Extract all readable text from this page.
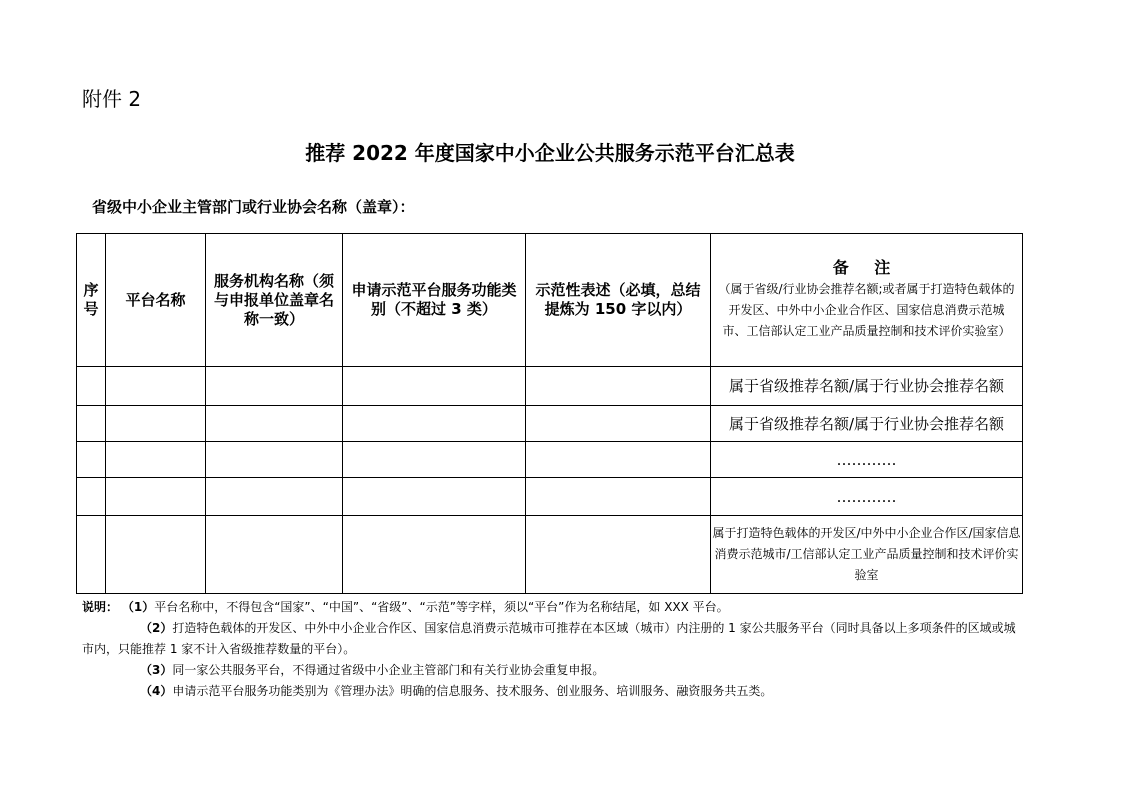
附件 2
推荐 2022 年度国家中小企业公共服务示范平台汇总表
省级中小企业主管部门或行业协会名称（盖章）：
序号	平台名称	服务机构名称（须与申报单位盖章名称一致）	申请示范平台服务功能类别（不超过 3 类）	示范性表述（必填，总结提炼为 150 字以内）	备 注
（属于省级/行业协会推荐名额;或者属于打造特色载体的开发区、中外中小企业合作区、国家信息消费示范城市、工信部认定工业产品质量控制和技术评价实验室）

					属于省级推荐名额/属于行业协会推荐名额
					属于省级推荐名额/属于行业协会推荐名额
					…………
					…………
					属于打造特色载体的开发区/中外中小企业合作区/国家信息消费示范城市/工信部认定工业产品质量控制和技术评价实验室

说明： （1）平台名称中，不得包含“国家”、“中国”、“省级”、“示范”等字样，须以“平台”作为名称结尾，如 XXX 平台。

（2）打造特色载体的开发区、中外中小企业合作区、国家信息消费示范城市可推荐在本区域（城市）内注册的 1 家公共服务平台（同时具备以上多项条件的区域或城市内，只能推荐 1 家不计入省级推荐数量的平台）。

（3）同一家公共服务平台，不得通过省级中小企业主管部门和有关行业协会重复申报。

（4）申请示范平台服务功能类别为《管理办法》明确的信息服务、技术服务、创业服务、培训服务、融资服务共五类。
